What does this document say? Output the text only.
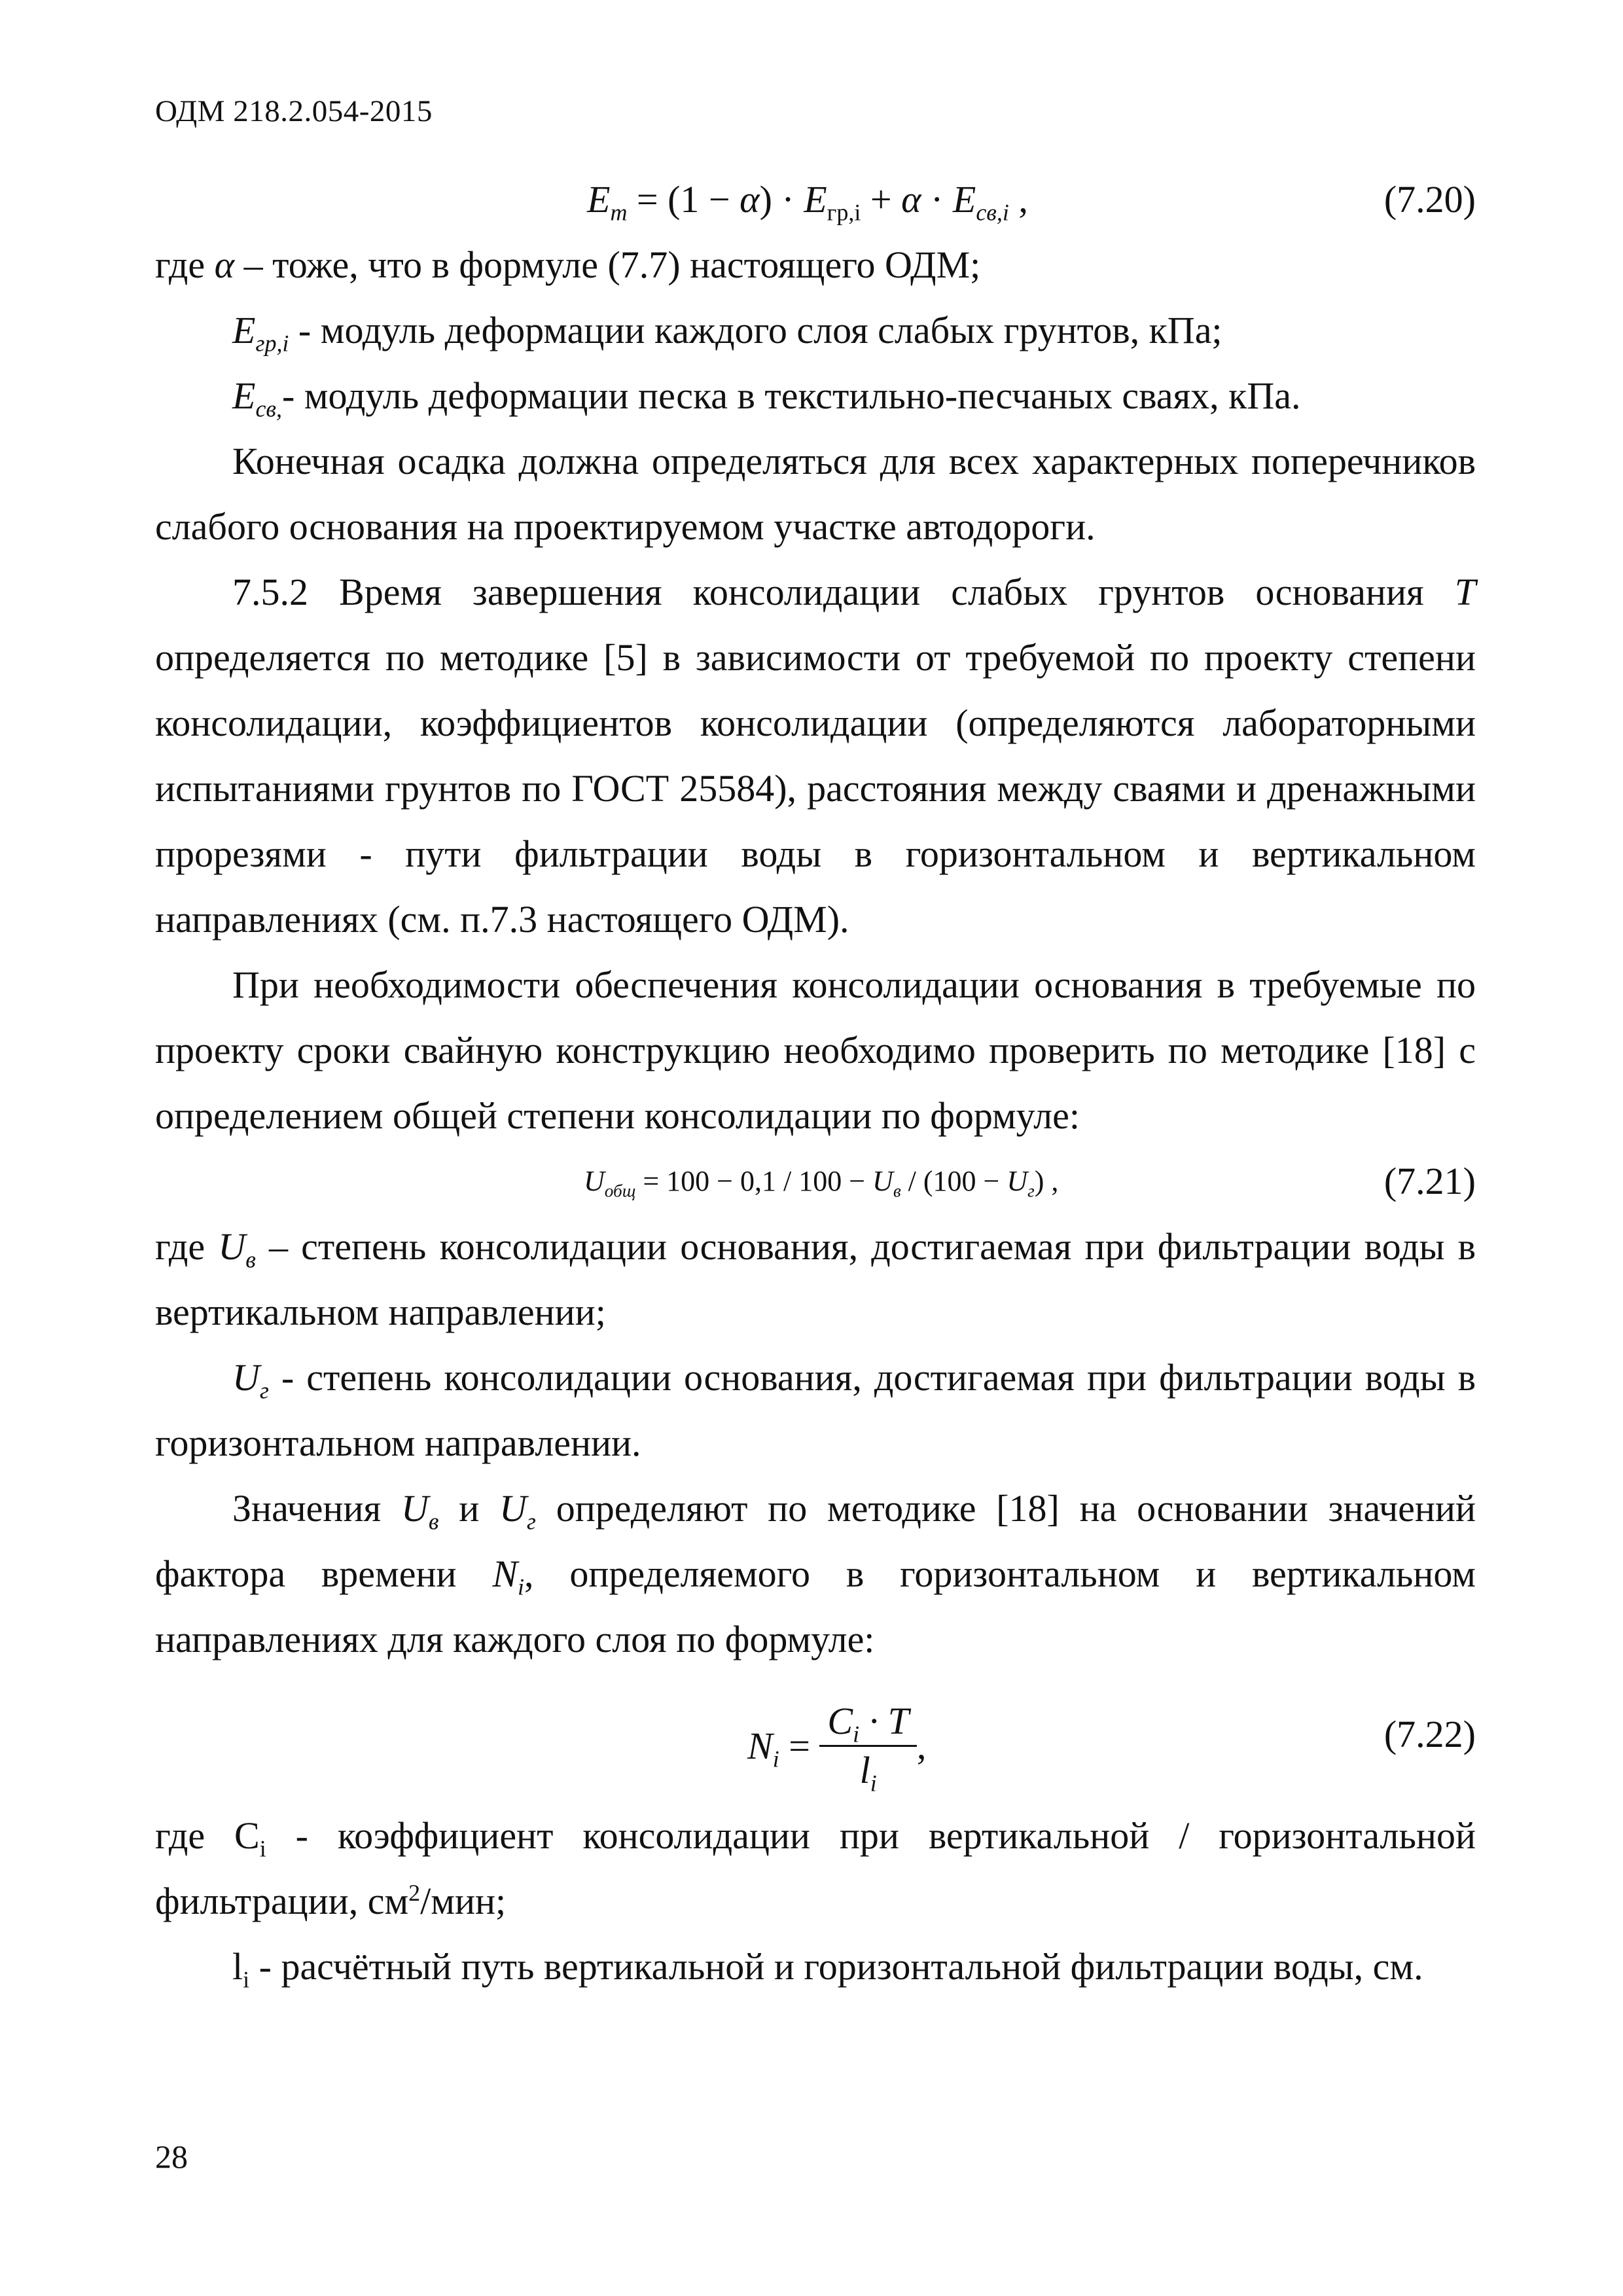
ОДМ 218.2.054-2015
$E_m = (1 - \alpha) \cdot E_{гр,i} + \alpha \cdot E_{св,i}$ ,	(7.20)

где α – тоже, что в формуле (7.7) настоящего ОДМ;

$E_{гр,i}$ - модуль деформации каждого слоя слабых грунтов, кПа;

$E_{св,}-$ модуль деформации песка в текстильно-песчаных сваях, кПа.

Конечная осадка должна определяться для всех характерных поперечников слабого основания на проектируемом участке автодороги.

7.5.2 Время завершения консолидации слабых грунтов основания T определяется по методике [5] в зависимости от требуемой по проекту степени консолидации, коэффициентов консолидации (определяются лабораторными испытаниями грунтов по ГОСТ 25584), расстояния между сваями и дренажными прорезями - пути фильтрации воды в горизонтальном и вертикальном направлениях (см. п.7.3 настоящего ОДМ).

При необходимости обеспечения консолидации основания в требуемые по проекту сроки свайную конструкцию необходимо проверить по методике [18] с определением общей степени консолидации по формуле:

$U_{общ} = 100 - 0,1 / 100 - U_в / (100 - U_г)$ ,	(7.21)

где $U_в$ – степень консолидации основания, достигаемая при фильтрации воды в вертикальном направлении;

$U_г$ - степень консолидации основания, достигаемая при фильтрации воды в горизонтальном направлении.

Значения $U_в$ и $U_г$ определяют по методике [18] на основании значений фактора времени $N_i$, определяемого в горизонтальном и вертикальном направлениях для каждого слоя по формуле:

$N_i = \frac{C_i \cdot T}{l_i}$ ,	(7.22)

где $C_i$ - коэффициент консолидации при вертикальной / горизонтальной фильтрации, $см^2$/мин;

$l_i$ - расчётный путь вертикальной и горизонтальной фильтрации воды, см.

28
